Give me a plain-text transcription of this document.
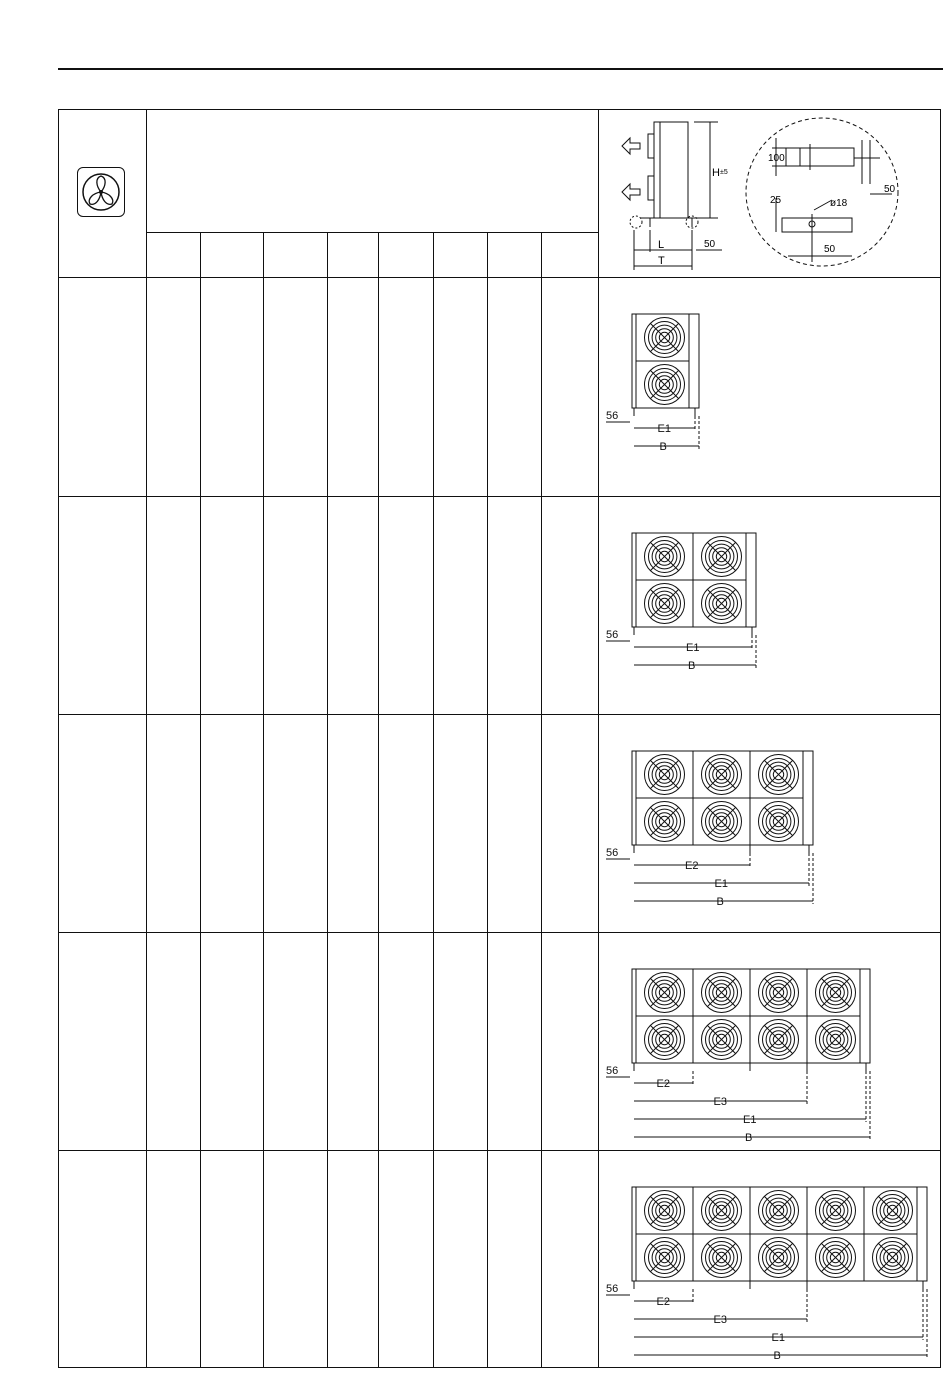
H ±5
L
T
50
100
25	ø18
50
50
56
E1
B
56
E1
B
56
E2
E1
B
56
E2
E3
E1
B
56
E2
E3
E1
B
